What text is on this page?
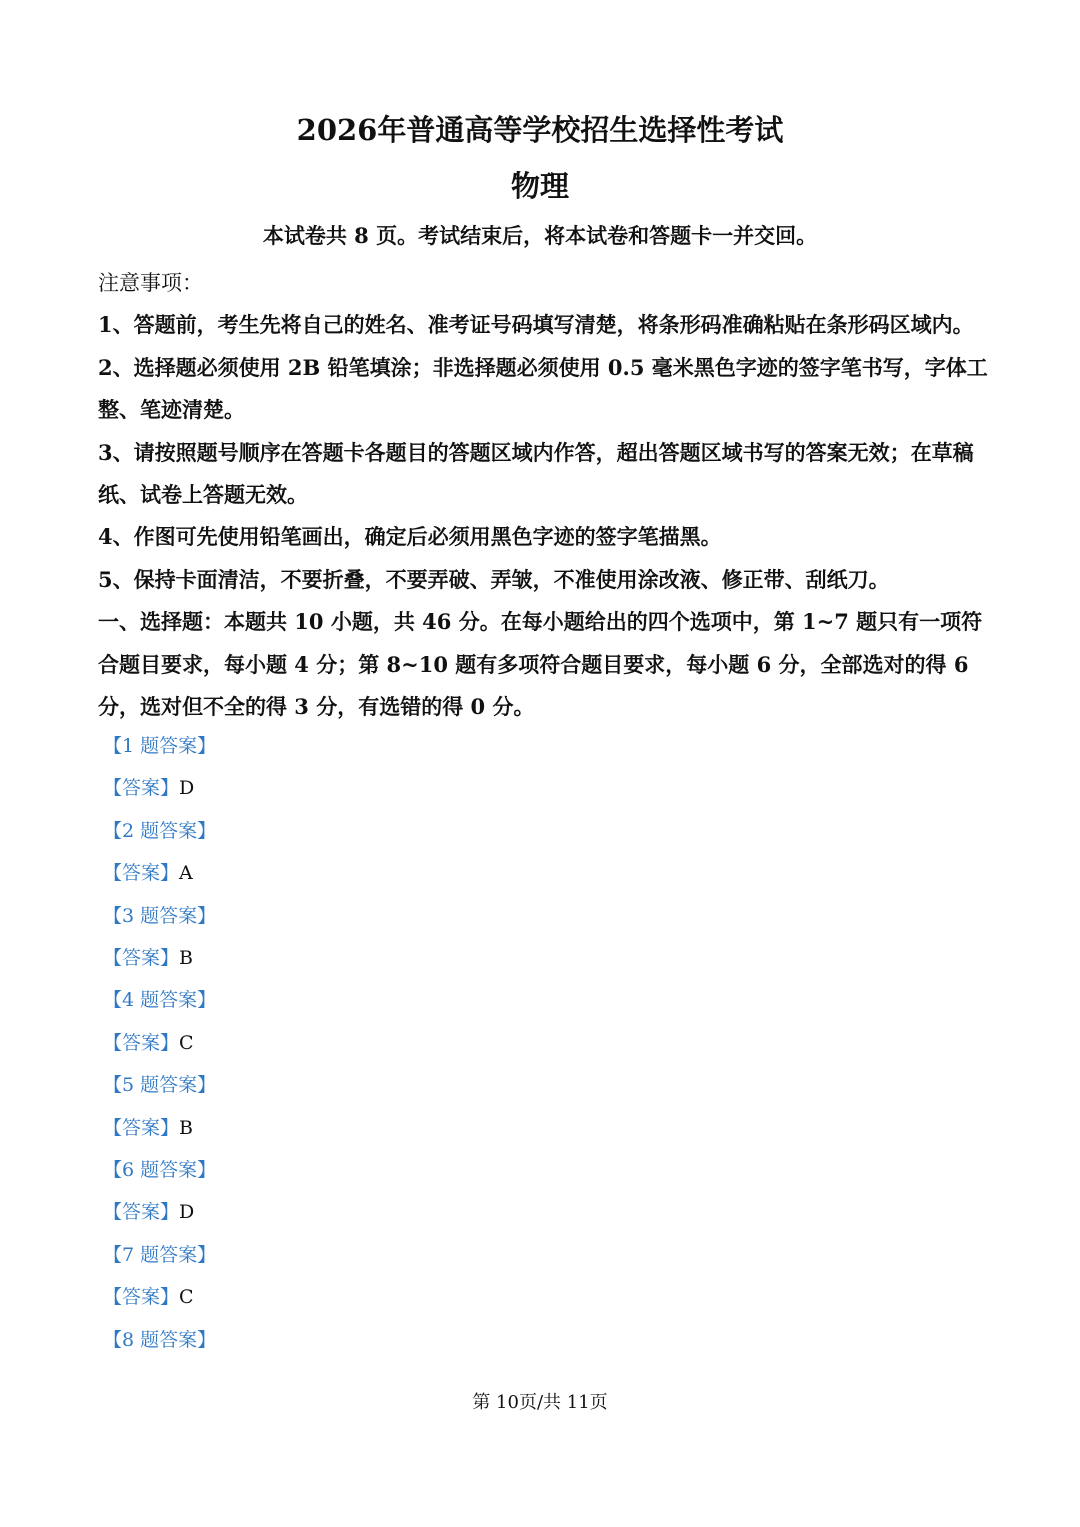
2026年普通高等学校招生选择性考试
物理
本试卷共 8 页。考试结束后，将本试卷和答题卡一并交回。

注意事项：

1、答题前，考生先将自己的姓名、准考证号码填写清楚，将条形码准确粘贴在条形码区域内。

2、选择题必须使用 2B 铅笔填涂；非选择题必须使用 0.5 毫米黑色字迹的签字笔书写，字体工整、笔迹清楚。

3、请按照题号顺序在答题卡各题目的答题区域内作答，超出答题区域书写的答案无效；在草稿纸、试卷上答题无效。

4、作图可先使用铅笔画出，确定后必须用黑色字迹的签字笔描黑。

5、保持卡面清洁，不要折叠，不要弄破、弄皱，不准使用涂改液、修正带、刮纸刀。

一、选择题：本题共 10 小题，共 46 分。在每小题给出的四个选项中，第 1~7 题只有一项符合题目要求，每小题 4 分；第 8~10 题有多项符合题目要求，每小题 6 分，全部选对的得 6 分，选对但不全的得 3 分，有选错的得 0 分。

【1 题答案】

【答案】D

【2 题答案】

【答案】A

【3 题答案】

【答案】B

【4 题答案】

【答案】C

【5 题答案】

【答案】B

【6 题答案】

【答案】D

【7 题答案】

【答案】C

【8 题答案】

第 10页/共 11页
